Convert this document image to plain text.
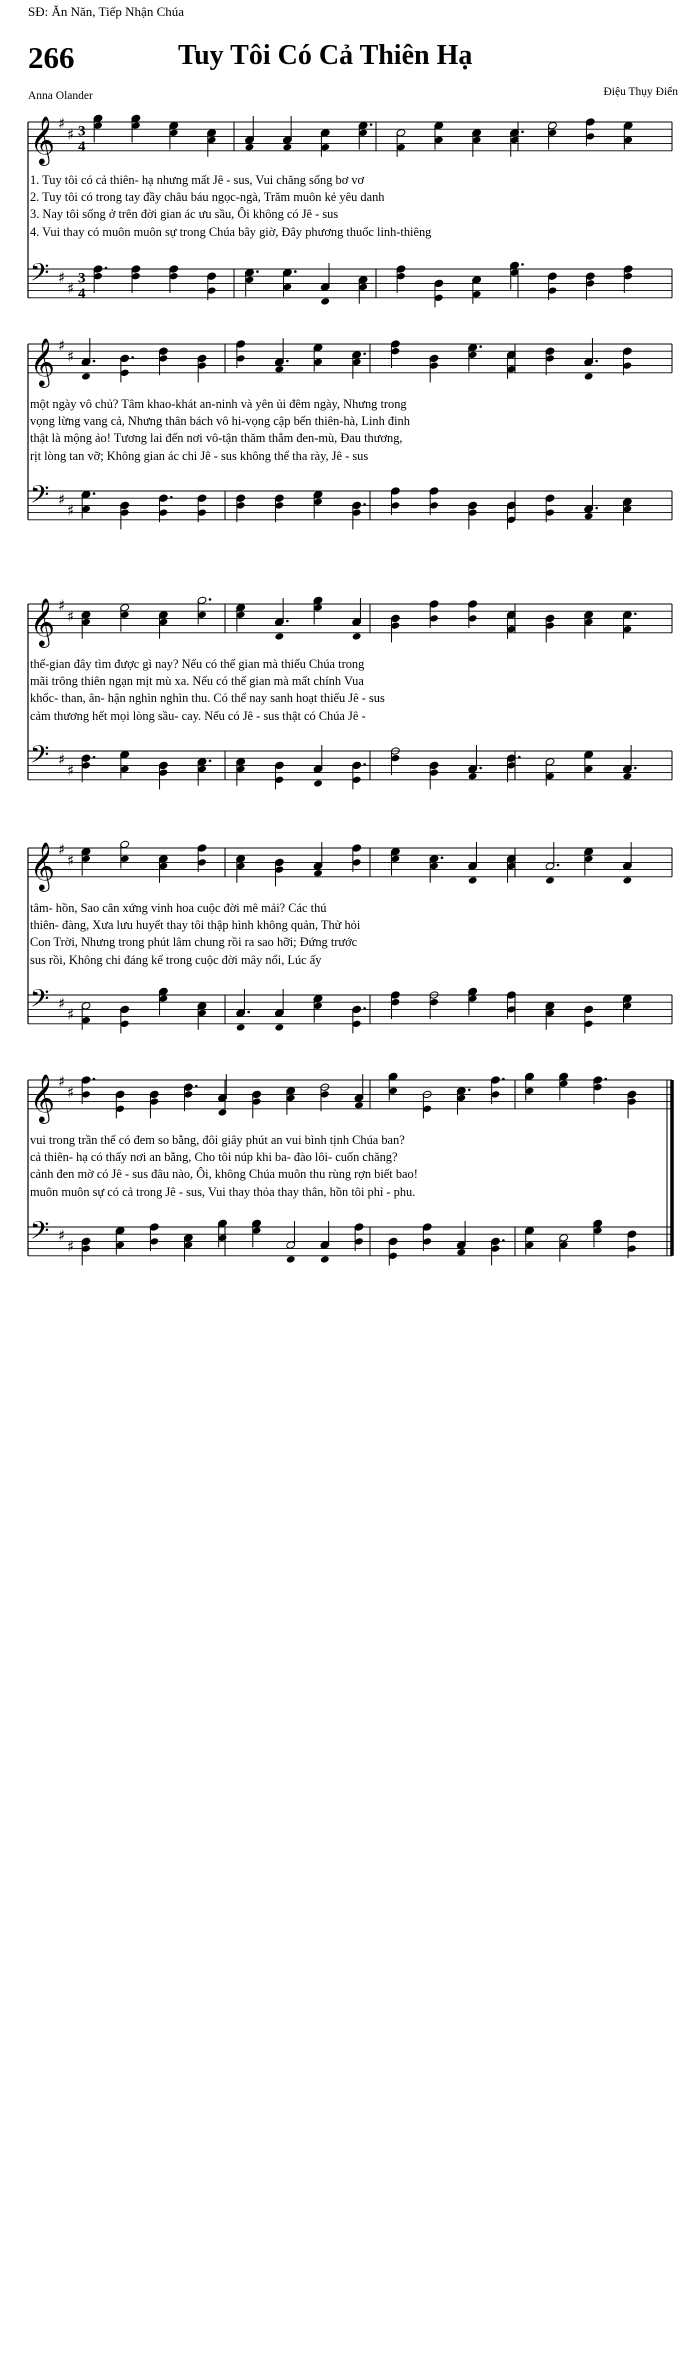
SĐ: Ăn Năn, Tiếp Nhận Chúa
266	Tuy Tôi Có Cả Thiên Hạ
Anna Olander	Điệu Thụy Điển
𝄞 ♯
♯
𝄢 ♯
♯
3
4
3
4
1. Tuy tôi có cả thiên- hạ nhưng mất Jê - sus, Vui chăng sống bơ vơ
2. Tuy tôi có trong tay đầy châu báu ngọc-ngà, Trăm muôn kẻ yêu danh
3. Nay tôi sống ở trên đời gian ác ưu sầu, Ôi không có Jê - sus
4. Vui thay có muôn muôn sự trong Chúa bây giờ, Đây phương thuốc linh-thiêng
𝄞 ♯
♯
𝄢 ♯
♯
một ngày vô chủ? Tâm khao-khát an-ninh và yên ủi đêm ngày, Nhưng trong
vọng lừng vang cả, Nhưng thân bách vô hi-vọng cập bến thiên-hà, Linh đinh
thật là mộng ảo! Tương lai đến nơi vô-tận thăm thẳm đen-mù, Đau thương,
rịt lòng tan vỡ; Không gian ác chi Jê - sus không thể tha rày, Jê - sus
𝄞 ♯
♯
𝄢 ♯
♯
thế-gian đây tìm được gì nay? Nếu có thế gian mà thiếu Chúa trong
mãi trông thiên ngạn mịt mù xa. Nếu có thế gian mà mất chính Vua
khốc- than, ân- hận nghìn nghìn thu. Có thể nay sanh hoạt thiếu Jê - sus
cảm thương hết mọi lòng sầu- cay. Nếu có Jê - sus thật có Chúa Jê -
𝄞 ♯
♯
𝄢 ♯
♯
tâm- hồn, Sao cân xứng vinh hoa cuộc đời mê mải? Các thú
thiên- đàng, Xưa lưu huyết thay tôi thập hình không quản, Thử hỏi
Con Trời, Nhưng trong phút lâm chung rồi ra sao hỡi; Đứng trước
sus rồi, Không chi đáng kể trong cuộc đời mây nổi, Lúc ấy
𝄞 ♯
♯
𝄢 ♯
♯
vui trong trần thế có đem so bằng, đôi giây phút an vui bình tịnh Chúa ban?
cả thiên- hạ có thấy nơi an bằng, Cho tôi núp khi ba- đào lôi- cuốn chăng?
cảnh đen mờ có Jê - sus đâu nào, Ôi, không Chúa muôn thu rùng rợn biết bao!
muôn muôn sự có cả trong Jê - sus, Vui thay thỏa thay thân, hồn tôi phỉ - phu.
